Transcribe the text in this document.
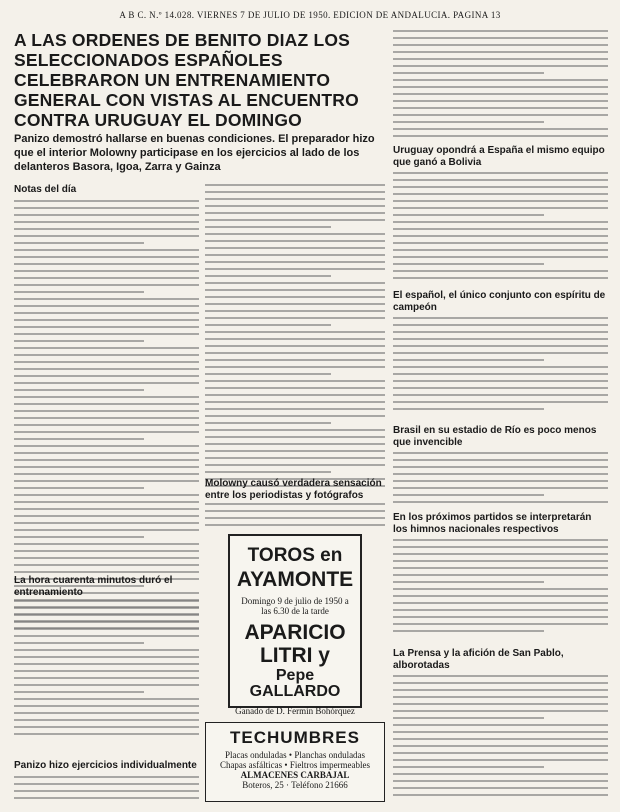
A B C. N.º 14.028. VIERNES 7 DE JULIO DE 1950. EDICION DE ANDALUCIA. PAGINA 13
A LAS ORDENES DE BENITO DIAZ LOS SELECCIONADOS ESPAÑOLES CELEBRARON UN ENTRENAMIENTO GENERAL CON VISTAS AL ENCUENTRO CONTRA URUGUAY EL DOMINGO
Panizo demostró hallarse en buenas condiciones. El preparador hizo que el interior Molowny participase en los ejercicios al lado de los delanteros Basora, Igoa, Zarra y Gainza
Notas del día
La hora cuarenta minutos duró el entrenamiento
Panizo hizo ejercicios individualmente
Molowny causó verdadera sensación entre los periodistas y fotógrafos
TOROS en
AYAMONTE
Domingo 9 de julio de 1950 a las 6.30 de la tarde
APARICIO
LITRI y
Pepe GALLARDO
Ganado de D. Fermín Bohórquez
TECHUMBRES
Placas onduladas • Planchas onduladas
Chapas asfálticas • Fieltros impermeables
ALMACENES CARBAJAL
Boteros, 25 · Teléfono 21666
Uruguay opondrá a España el mismo equipo que ganó a Bolivia
El español, el único conjunto con espíritu de campeón
Brasil en su estadio de Río es poco menos que invencible
En los próximos partidos se interpretarán los himnos nacionales respectivos
La Prensa y la afición de San Pablo, alborotadas
